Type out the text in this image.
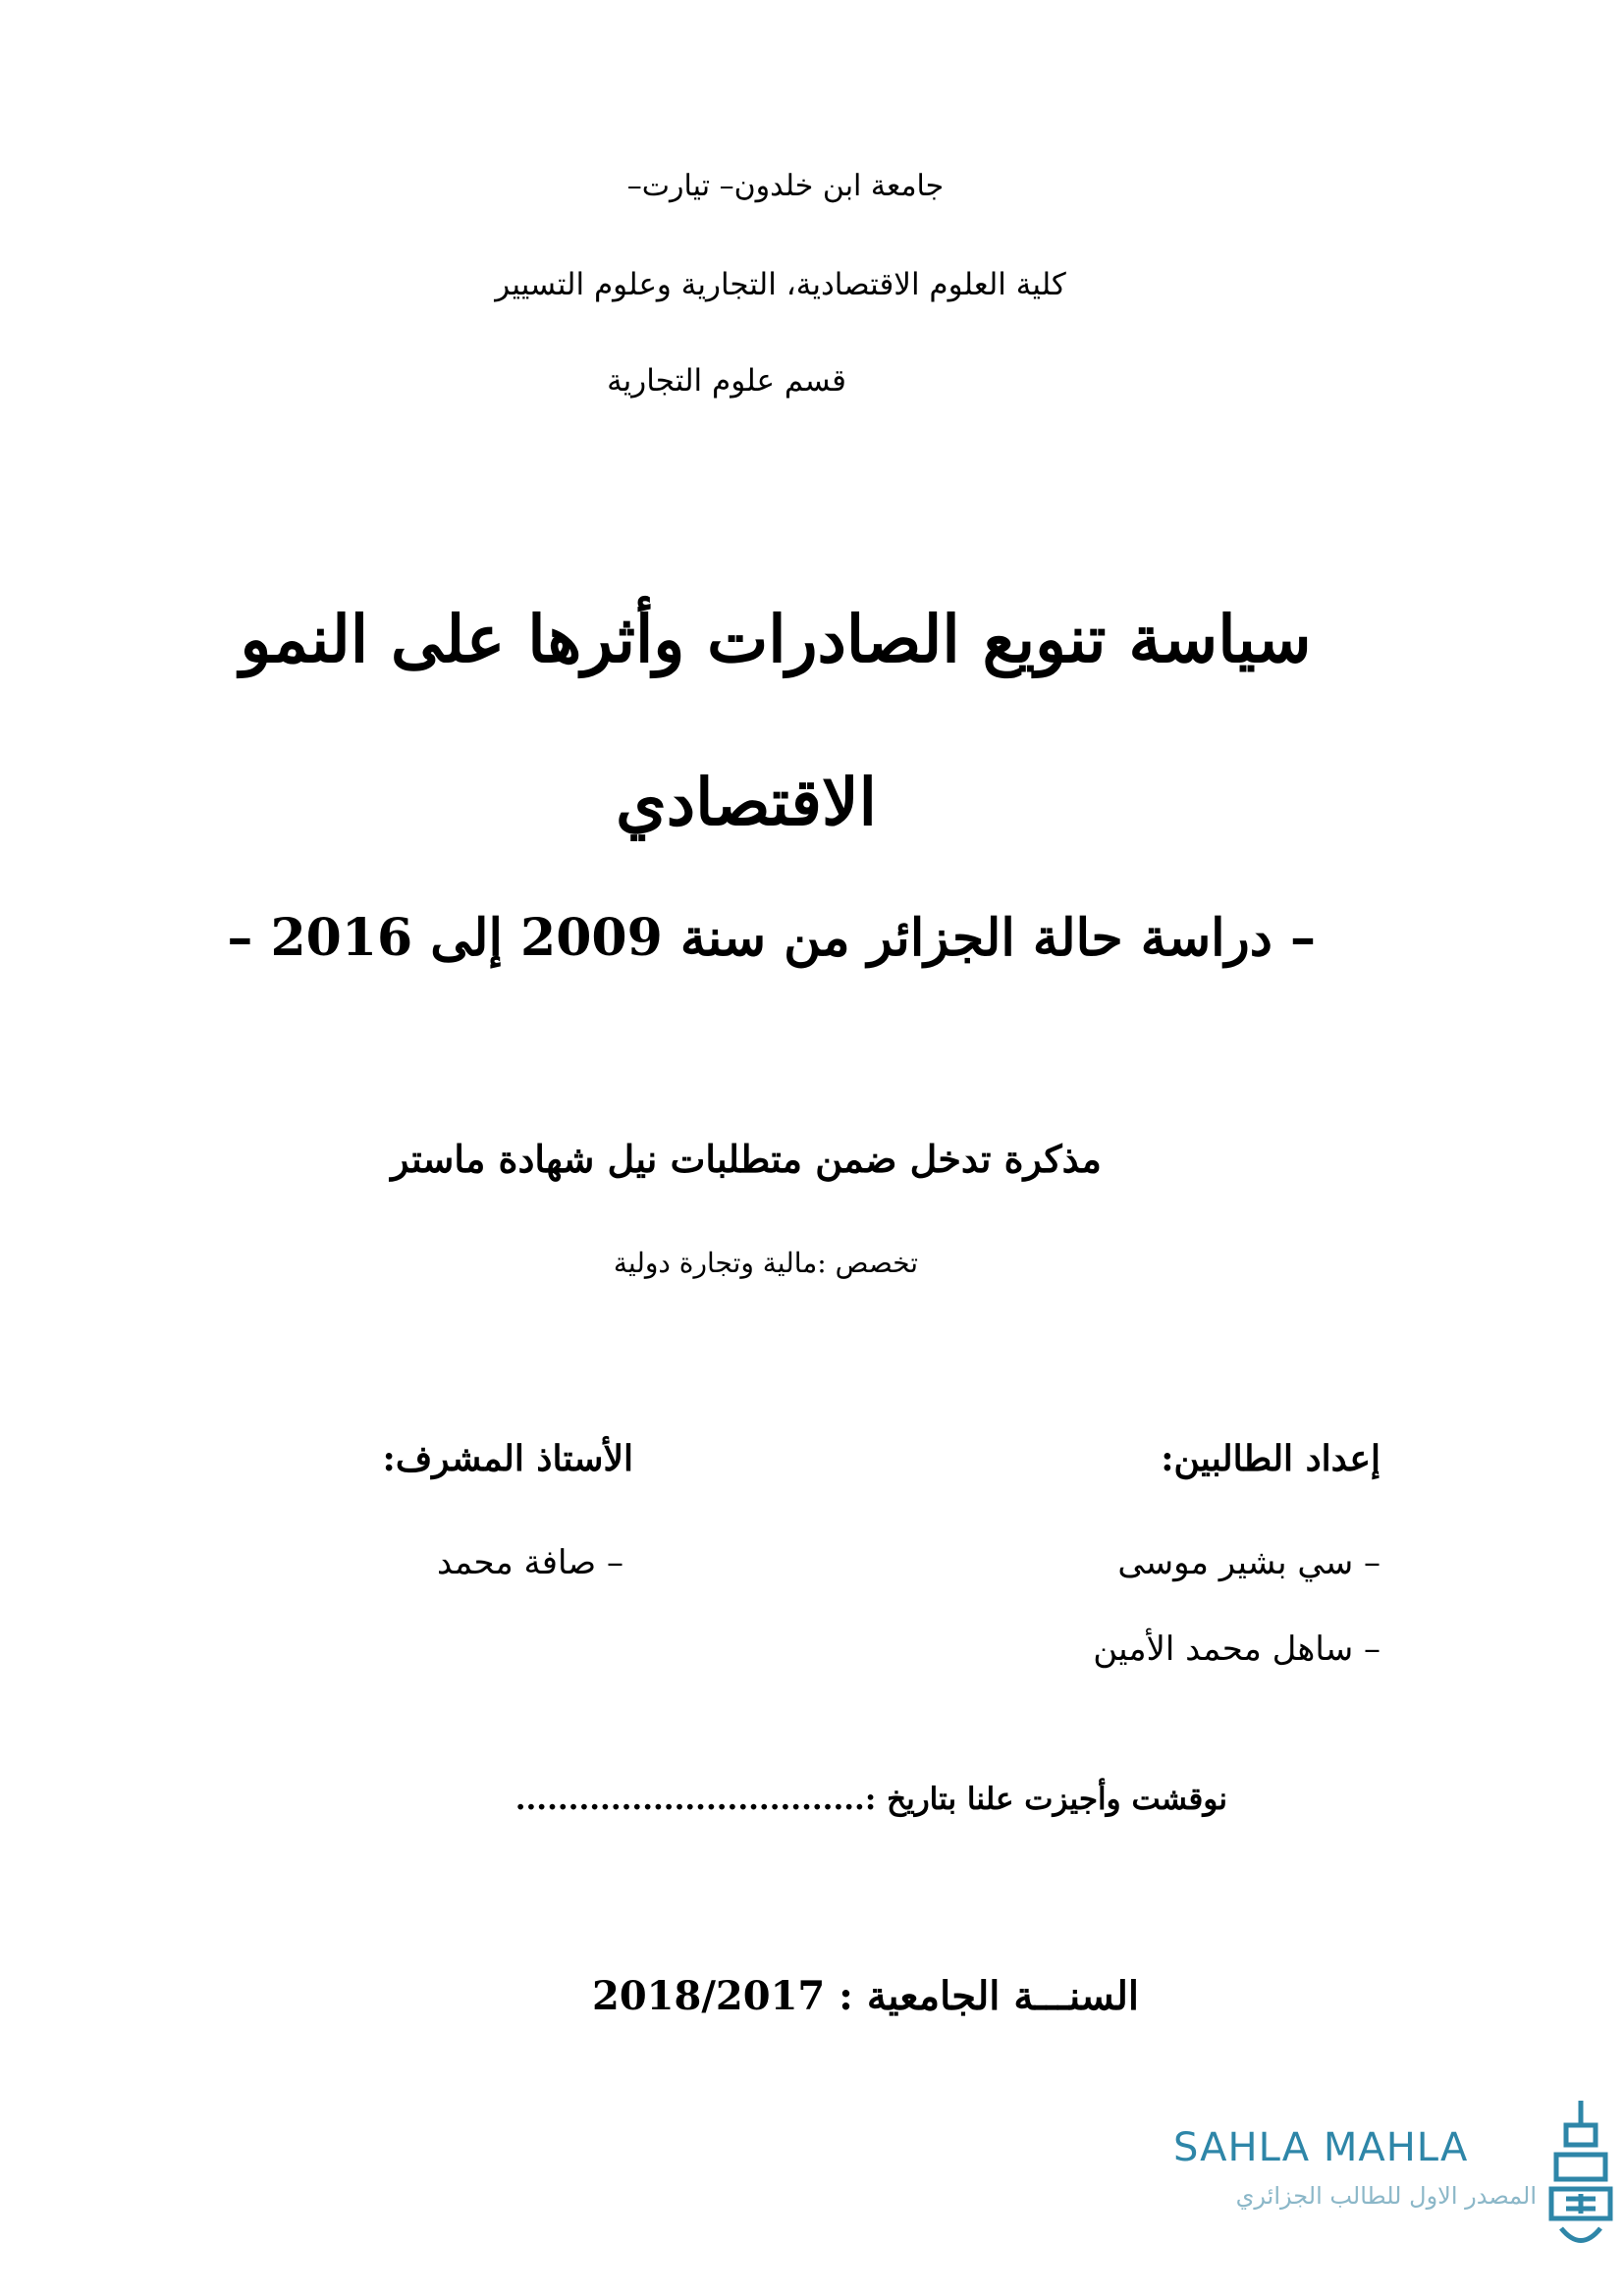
جامعة ابن خلدون– تيارت–
كلية العلوم الاقتصادية، التجارية وعلوم التسيير
قسم علوم التجارية
سياسة تنويع الصادرات وأثرها على النمو
الاقتصادي
– دراسة حالة الجزائر من سنة 2009 إلى 2016 –
مذكرة تدخل ضمن متطلبات نيل شهادة ماستر
تخصص :مالية وتجارة دولية
إعداد الطالبين:
الأستاذ المشرف:
– سي بشير موسى
– ساهل محمد الأمين
– صافة محمد
نوقشت وأجيزت علنا بتاريخ :.................................
السنـــة الجامعية : 2018/2017
SAHLA MAHLA
المصدر الاول للطالب الجزائري
